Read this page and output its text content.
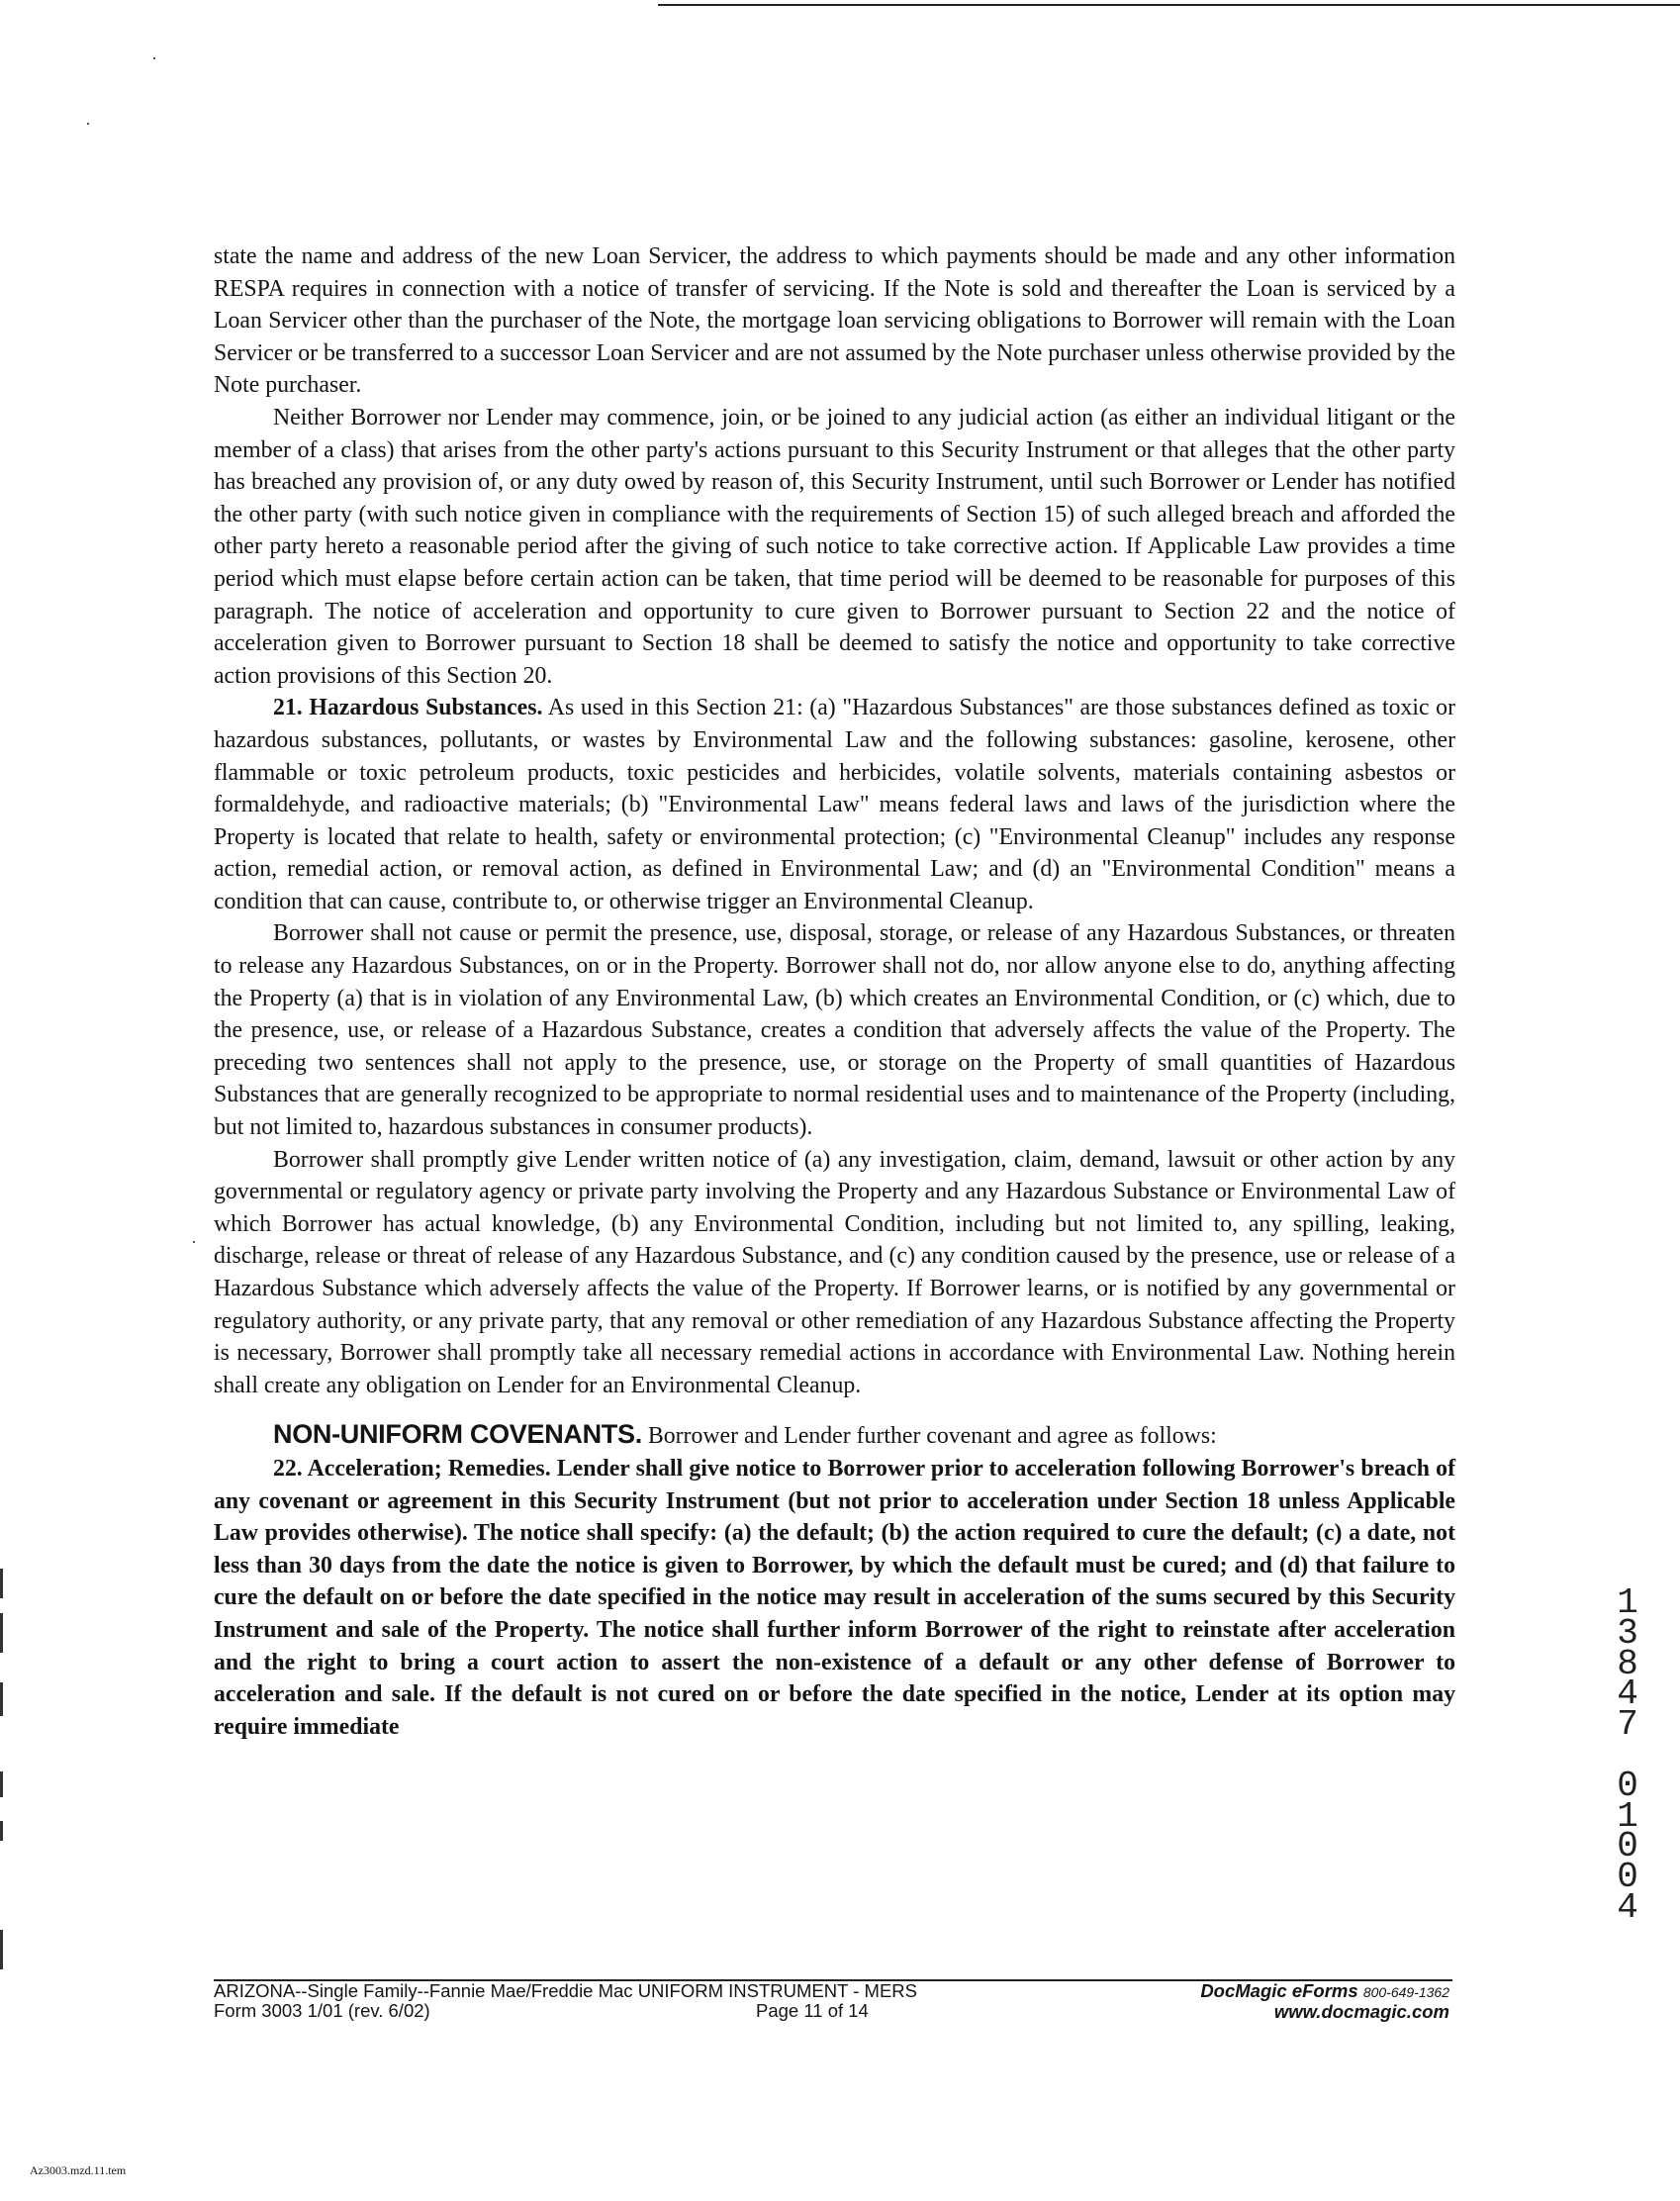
state the name and address of the new Loan Servicer, the address to which payments should be made and any other information RESPA requires in connection with a notice of transfer of servicing. If the Note is sold and thereafter the Loan is serviced by a Loan Servicer other than the purchaser of the Note, the mortgage loan servicing obligations to Borrower will remain with the Loan Servicer or be transferred to a successor Loan Servicer and are not assumed by the Note purchaser unless otherwise provided by the Note purchaser.

Neither Borrower nor Lender may commence, join, or be joined to any judicial action (as either an individual litigant or the member of a class) that arises from the other party's actions pursuant to this Security Instrument or that alleges that the other party has breached any provision of, or any duty owed by reason of, this Security Instrument, until such Borrower or Lender has notified the other party (with such notice given in compliance with the requirements of Section 15) of such alleged breach and afforded the other party hereto a reasonable period after the giving of such notice to take corrective action. If Applicable Law provides a time period which must elapse before certain action can be taken, that time period will be deemed to be reasonable for purposes of this paragraph. The notice of acceleration and opportunity to cure given to Borrower pursuant to Section 22 and the notice of acceleration given to Borrower pursuant to Section 18 shall be deemed to satisfy the notice and opportunity to take corrective action provisions of this Section 20.

21. Hazardous Substances. As used in this Section 21: (a) "Hazardous Substances" are those substances defined as toxic or hazardous substances, pollutants, or wastes by Environmental Law and the following substances: gasoline, kerosene, other flammable or toxic petroleum products, toxic pesticides and herbicides, volatile solvents, materials containing asbestos or formaldehyde, and radioactive materials; (b) "Environmental Law" means federal laws and laws of the jurisdiction where the Property is located that relate to health, safety or environmental protection; (c) "Environmental Cleanup" includes any response action, remedial action, or removal action, as defined in Environmental Law; and (d) an "Environmental Condition" means a condition that can cause, contribute to, or otherwise trigger an Environmental Cleanup.

Borrower shall not cause or permit the presence, use, disposal, storage, or release of any Hazardous Substances, or threaten to release any Hazardous Substances, on or in the Property. Borrower shall not do, nor allow anyone else to do, anything affecting the Property (a) that is in violation of any Environmental Law, (b) which creates an Environmental Condition, or (c) which, due to the presence, use, or release of a Hazardous Substance, creates a condition that adversely affects the value of the Property. The preceding two sentences shall not apply to the presence, use, or storage on the Property of small quantities of Hazardous Substances that are generally recognized to be appropriate to normal residential uses and to maintenance of the Property (including, but not limited to, hazardous substances in consumer products).

Borrower shall promptly give Lender written notice of (a) any investigation, claim, demand, lawsuit or other action by any governmental or regulatory agency or private party involving the Property and any Hazardous Substance or Environmental Law of which Borrower has actual knowledge, (b) any Environmental Condition, including but not limited to, any spilling, leaking, discharge, release or threat of release of any Hazardous Substance, and (c) any condition caused by the presence, use or release of a Hazardous Substance which adversely affects the value of the Property. If Borrower learns, or is notified by any governmental or regulatory authority, or any private party, that any removal or other remediation of any Hazardous Substance affecting the Property is necessary, Borrower shall promptly take all necessary remedial actions in accordance with Environmental Law. Nothing herein shall create any obligation on Lender for an Environmental Cleanup.

NON-UNIFORM COVENANTS. Borrower and Lender further covenant and agree as follows:

22. Acceleration; Remedies. Lender shall give notice to Borrower prior to acceleration following Borrower's breach of any covenant or agreement in this Security Instrument (but not prior to acceleration under Section 18 unless Applicable Law provides otherwise). The notice shall specify: (a) the default; (b) the action required to cure the default; (c) a date, not less than 30 days from the date the notice is given to Borrower, by which the default must be cured; and (d) that failure to cure the default on or before the date specified in the notice may result in acceleration of the sums secured by this Security Instrument and sale of the Property. The notice shall further inform Borrower of the right to reinstate after acceleration and the right to bring a court action to assert the non-existence of a default or any other defense of Borrower to acceleration and sale. If the default is not cured on or before the date specified in the notice, Lender at its option may require immediate

1
3
8
4
7
0
1
0
0
4
ARIZONA--Single Family--Fannie Mae/Freddie Mac UNIFORM INSTRUMENT - MERS
Form 3003 1/01 (rev. 6/02)	Page 11 of 14
DocMagic eForms 800-649-1362
www.docmagic.com
Az3003.mzd.11.tem
